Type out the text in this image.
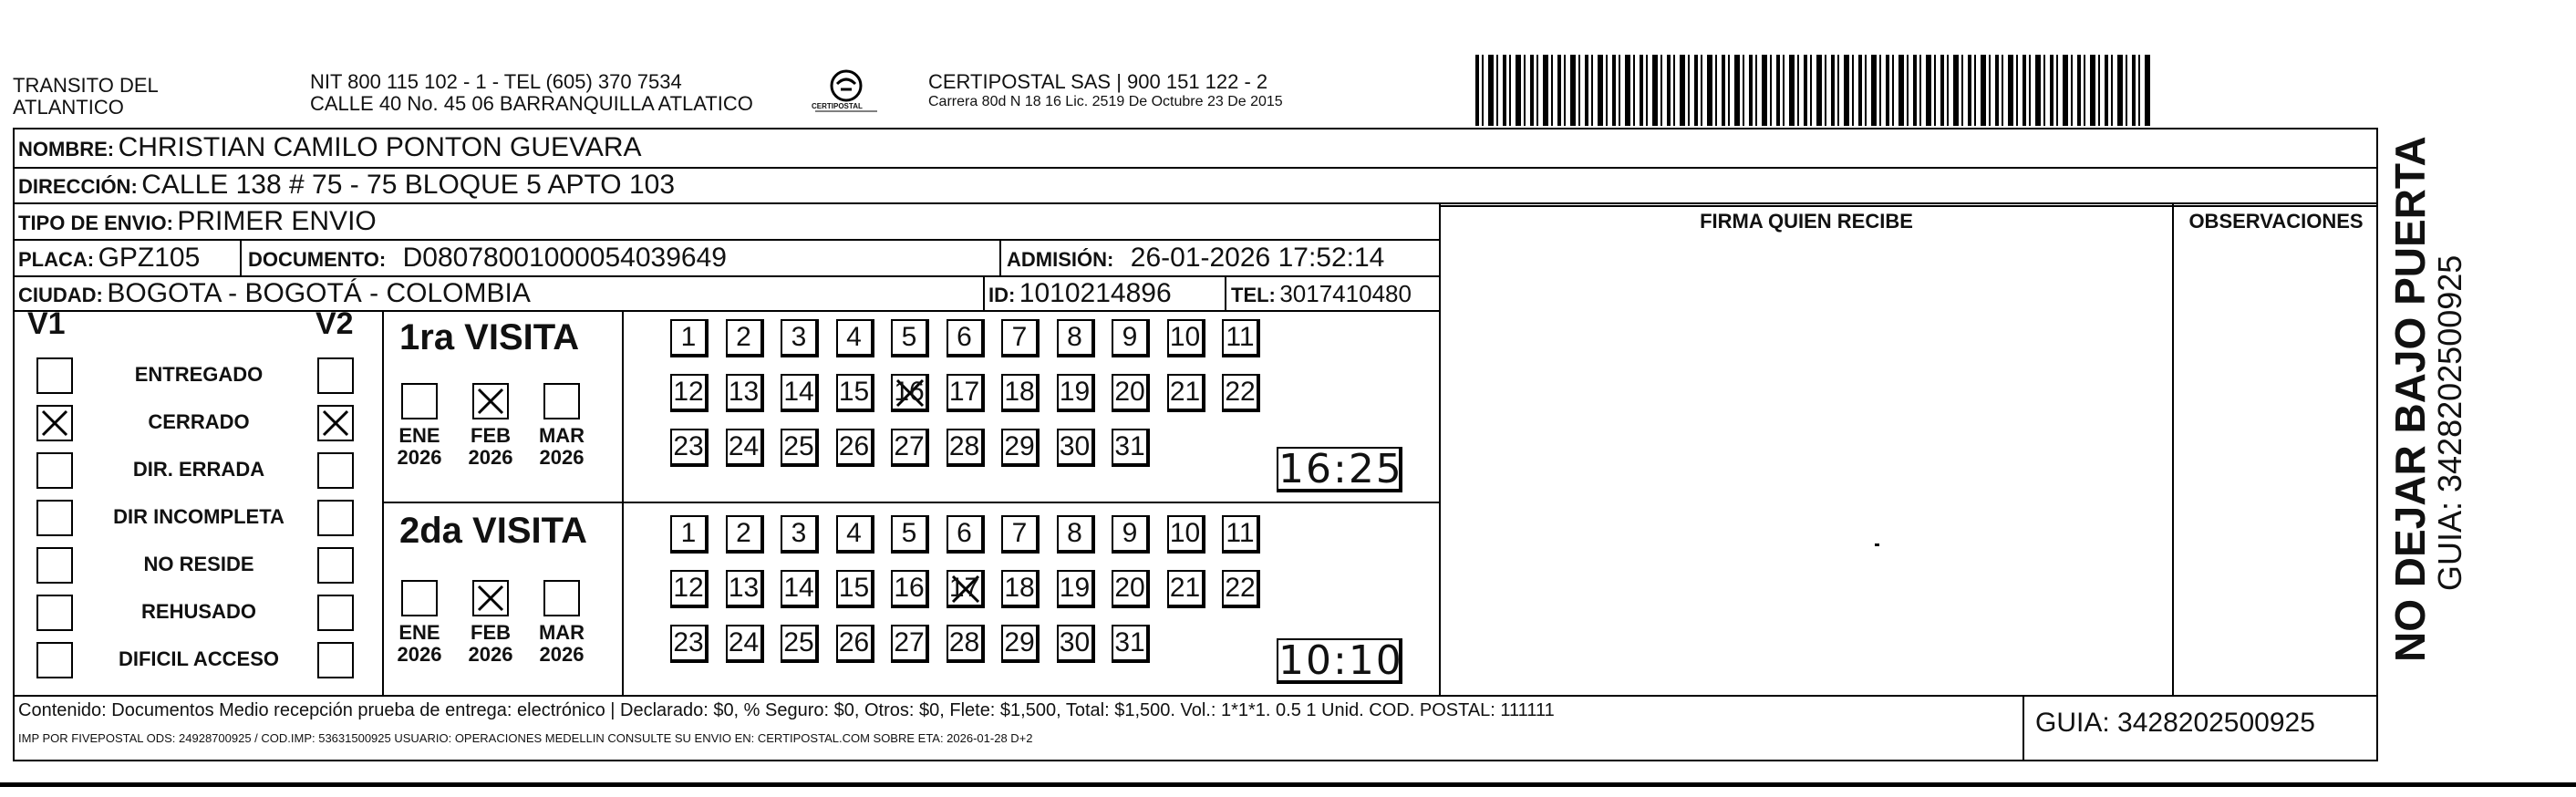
TRANSITO DEL
ATLANTICO
NIT 800 115 102 - 1 - TEL (605) 370 7534
CALLE 40 No. 45 06 BARRANQUILLA ATLATICO	CERTIPOSTAL
CERTIPOSTAL SAS | 900 151 122 - 2
Carrera 80d N 18 16 Lic. 2519 De Octubre 23 De 2015
NOMBRE: CHRISTIAN CAMILO PONTON GUEVARA
DIRECCIÓN: CALLE 138 # 75 - 75 BLOQUE 5 APTO 103
TIPO DE ENVIO: PRIMER ENVIO	FIRMA QUIEN RECIBE	OBSERVACIONES
PLACA: GPZ105 DOCUMENTO: D080780010000540396​49	ADMISIÓN: 26-01-2026 17:52:14
CIUDAD: BOGOTA - BOGOTÁ - COLOMBIA	ID: 1010214896	TEL: 3017410480
V1	V2
ENTREGADO
CERRADO
DIR. ERRADA
DIR INCOMPLETA
NO RESIDE
REHUSADO
DIFICIL ACCESO
1ra VISITA
2da VISITA
ENE
2026
FEB
2026
MAR
2026
ENE
2026
FEB
2026
MAR
2026
1	2	3	4	5	6	7	8	9	10 11
12 13 14 15 16 17 18 19 20 21 22
23 24 25 26 27 28 29 30 31
1	2	3	4	5	6	7	8	9	10 11
12 13 14 15 16 17 18 19 20 21 22
23 24 25 26 27 28 29 30 31
16:25
10:10
Contenido: Documentos Medio recepción prueba de entrega: electrónico | Declarado: $0, % Seguro: $0, Otros: $0, Flete: $1,500, Total: $1,500. Vol.: 1*1*1. 0.5 1 Unid. COD. POSTAL: 111111
IMP POR FIVEPOSTAL ODS: 24928700925 / COD.IMP: 53631500925 USUARIO: OPERACIONES MEDELLIN CONSULTE SU ENVIO EN: CERTIPOSTAL.COM SOBRE ETA: 2026-01-28 D+2
GUIA: 3428202500925
NO DEJAR BAJO PUERTA
GUIA: 3428202500925
